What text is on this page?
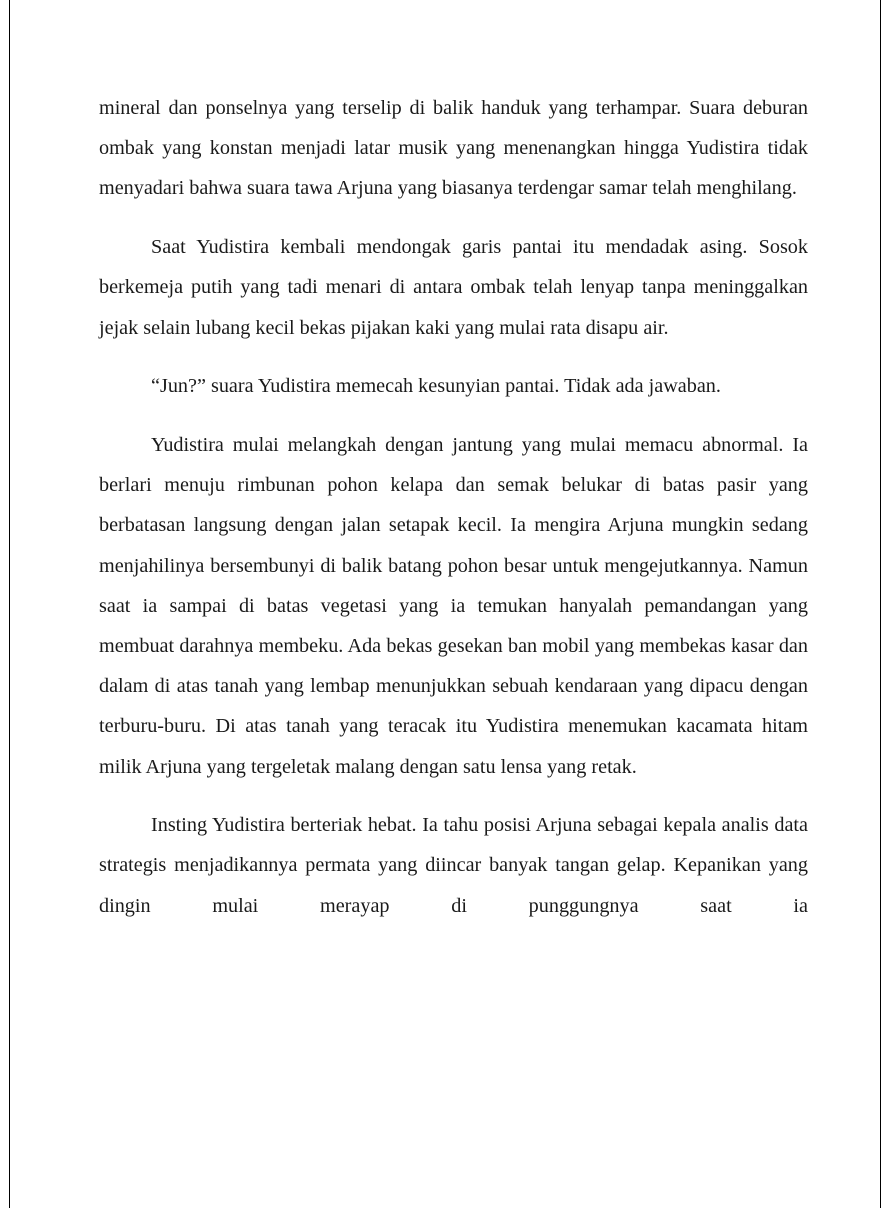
mineral dan ponselnya yang terselip di balik handuk yang terhampar. Suara deburan ombak yang konstan menjadi latar musik yang menenangkan hingga Yudistira tidak menyadari bahwa suara tawa Arjuna yang biasanya terdengar samar telah menghilang.

Saat Yudistira kembali mendongak garis pantai itu mendadak asing. Sosok berkemeja putih yang tadi menari di antara ombak telah lenyap tanpa meninggalkan jejak selain lubang kecil bekas pijakan kaki yang mulai rata disapu air.

“Jun?” suara Yudistira memecah kesunyian pantai. Tidak ada jawaban.

Yudistira mulai melangkah dengan jantung yang mulai memacu abnormal. Ia berlari menuju rimbunan pohon kelapa dan semak belukar di batas pasir yang berbatasan langsung dengan jalan setapak kecil. Ia mengira Arjuna mungkin sedang menjahilinya bersembunyi di balik batang pohon besar untuk mengejutkannya. Namun saat ia sampai di batas vegetasi yang ia temukan hanyalah pemandangan yang membuat darahnya membeku. Ada bekas gesekan ban mobil yang membekas kasar dan dalam di atas tanah yang lembap menunjukkan sebuah kendaraan yang dipacu dengan terburu-buru. Di atas tanah yang teracak itu Yudistira menemukan kacamata hitam milik Arjuna yang tergeletak malang dengan satu lensa yang retak.

Insting Yudistira berteriak hebat. Ia tahu posisi Arjuna sebagai kepala analis data strategis menjadikannya permata yang diincar banyak tangan gelap. Kepanikan yang dingin mulai merayap di punggungnya saat ia
